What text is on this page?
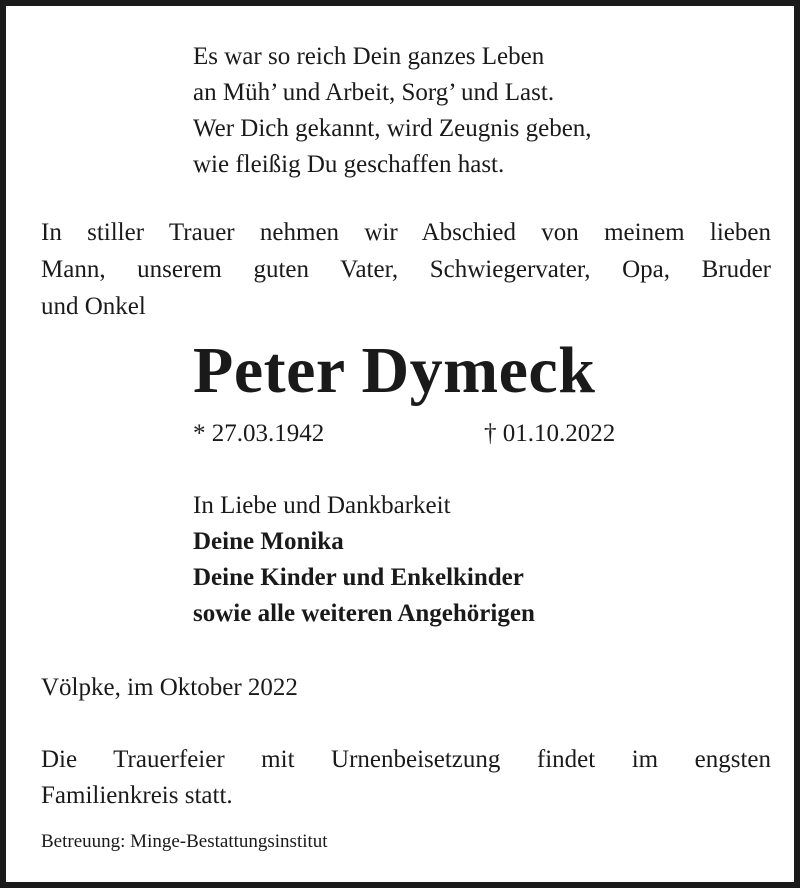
Es war so reich Dein ganzes Leben
an Müh’ und Arbeit, Sorg’ und Last.
Wer Dich gekannt, wird Zeugnis geben,
wie fleißig Du geschaffen hast.
In stiller Trauer nehmen wir Abschied von meinem lieben
Mann, unserem guten Vater, Schwiegervater, Opa, Bruder
und Onkel
Peter Dymeck
* 27.03.1942	† 01.10.2022
In Liebe und Dankbarkeit
Deine Monika
Deine Kinder und Enkelkinder
sowie alle weiteren Angehörigen
Völpke, im Oktober 2022
Die Trauerfeier mit Urnenbeisetzung findet im engsten
Familienkreis statt.
Betreuung: Minge-Bestattungsinstitut
